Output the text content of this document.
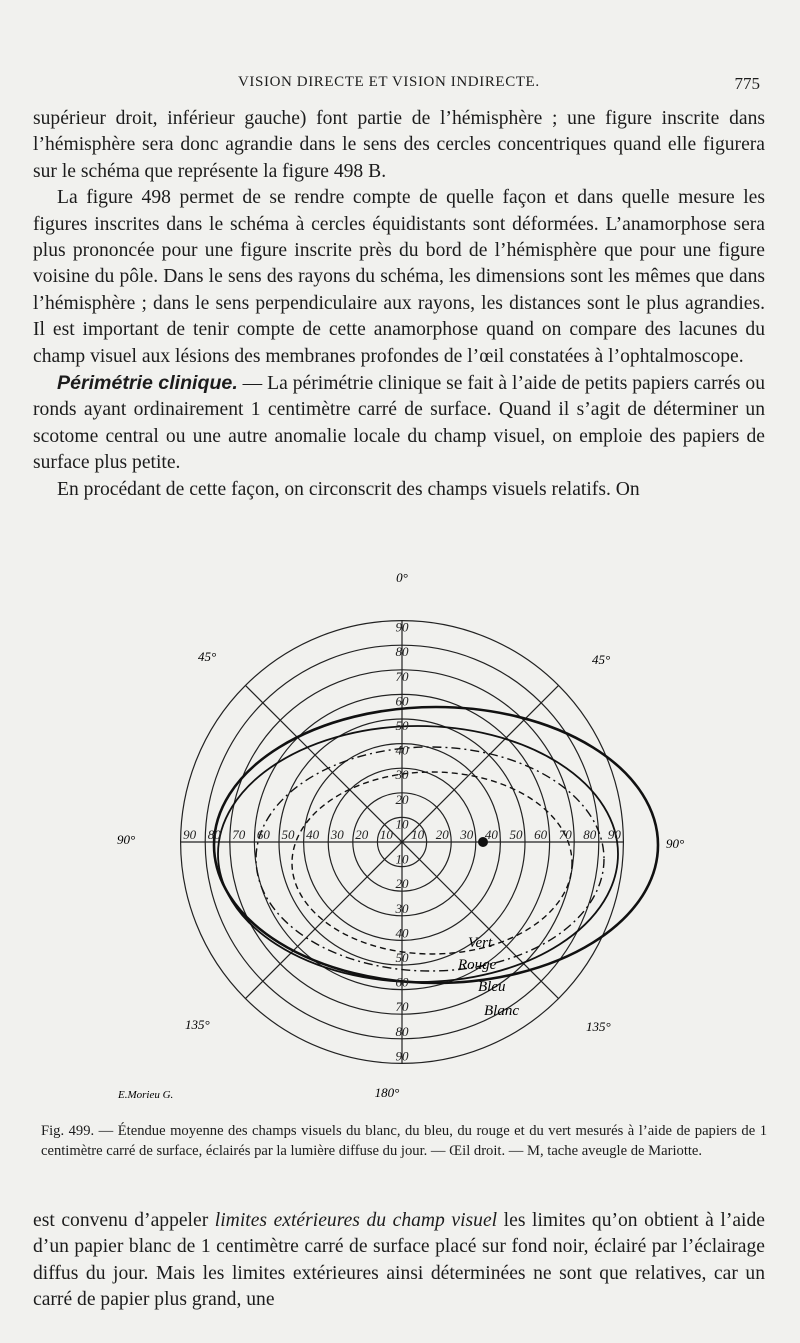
VISION DIRECTE ET VISION INDIRECTE.	775

supérieur droit, inférieur gauche) font partie de l’hémisphère ; une figure inscrite dans l’hémisphère sera donc agrandie dans le sens des cercles concentriques quand elle figurera sur le schéma que représente la figure 498 B.

La figure 498 permet de se rendre compte de quelle façon et dans quelle mesure les figures inscrites dans le schéma à cercles équidistants sont déformées. L’anamorphose sera plus prononcée pour une figure inscrite près du bord de l’hémisphère que pour une figure voisine du pôle. Dans le sens des rayons du schéma, les dimensions sont les mêmes que dans l’hémisphère ; dans le sens perpendiculaire aux rayons, les distances sont le plus agrandies. Il est important de tenir compte de cette anamorphose quand on compare des lacunes du champ visuel aux lésions des membranes profondes de l’œil constatées à l’ophtalmoscope.

Périmétrie clinique. — La périmétrie clinique se fait à l’aide de petits papiers carrés ou ronds ayant ordinairement 1 centimètre carré de surface. Quand il s’agit de déterminer un scotome central ou une autre anomalie locale du champ visuel, on emploie des papiers de surface plus petite.

En procédant de cette façon, on circonscrit des champs visuels relatifs. On

10
10
10 10
20
20
20	20
30
30
30	30
40
40
40	40
50
50
50	50
60
60
60	60
70
70
70	70
80
80
80	80
90
90
90	90
0°
180°
90°	90°
45°	45°
135°	135°
Vert
Rouge
Bleu
Blanc
E.Morieu G.

Fig. 499. — Étendue moyenne des champs visuels du blanc, du bleu, du rouge et du vert mesurés à l’aide de papiers de 1 centimètre carré de surface, éclairés par la lumière diffuse du jour. — Œil droit. — M, tache aveugle de Mariotte.

est convenu d’appeler limites extérieures du champ visuel les limites qu’on obtient à l’aide d’un papier blanc de 1 centimètre carré de surface placé sur fond noir, éclairé par l’éclairage diffus du jour. Mais les limites extérieures ainsi déterminées ne sont que relatives, car un carré de papier plus grand, une
